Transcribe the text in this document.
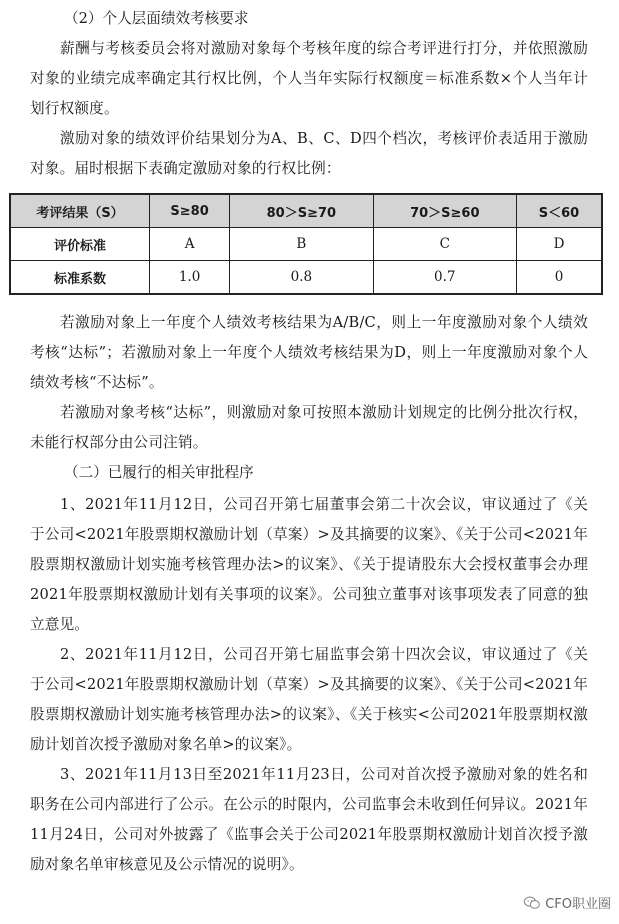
（2）个人层面绩效考核要求
薪酬与考核委员会将对激励对象每个考核年度的综合考评进行打分，并依照激励对象的业绩完成率确定其行权比例，个人当年实际行权额度＝标准系数×个人当年计划行权额度。
激励对象的绩效评价结果划分为A、B、C、D四个档次，考核评价表适用于激励对象。届时根据下表确定激励对象的行权比例：
考评结果（S）	S≥80	80＞S≥70	70＞S≥60	S＜60
评价标准	A	B	C	D
标准系数	1.0	0.8	0.7	0
若激励对象上一年度个人绩效考核结果为A/B/C，则上一年度激励对象个人绩效考核“达标”；若激励对象上一年度个人绩效考核结果为D，则上一年度激励对象个人绩效考核“不达标”。
若激励对象考核“达标”，则激励对象可按照本激励计划规定的比例分批次行权，未能行权部分由公司注销。
（二）已履行的相关审批程序
1、2021年11月12日，公司召开第七届董事会第二十次会议，审议通过了《关于公司<2021年股票期权激励计划（草案）>及其摘要的议案》、《关于公司<2021年股票期权激励计划实施考核管理办法>的议案》、《关于提请股东大会授权董事会办理2021年股票期权激励计划有关事项的议案》。公司独立董事对该事项发表了同意的独立意见。
2、2021年11月12日，公司召开第七届监事会第十四次会议，审议通过了《关于公司<2021年股票期权激励计划（草案）>及其摘要的议案》、《关于公司<2021年股票期权激励计划实施考核管理办法>的议案》、《关于核实<公司2021年股票期权激励计划首次授予激励对象名单>的议案》。
3、2021年11月13日至2021年11月23日，公司对首次授予激励对象的姓名和职务在公司内部进行了公示。在公示的时限内，公司监事会未收到任何异议。2021年11月24日，公司对外披露了《监事会关于公司2021年股票期权激励计划首次授予激励对象名单审核意见及公示情况的说明》。
CFO职业圈
